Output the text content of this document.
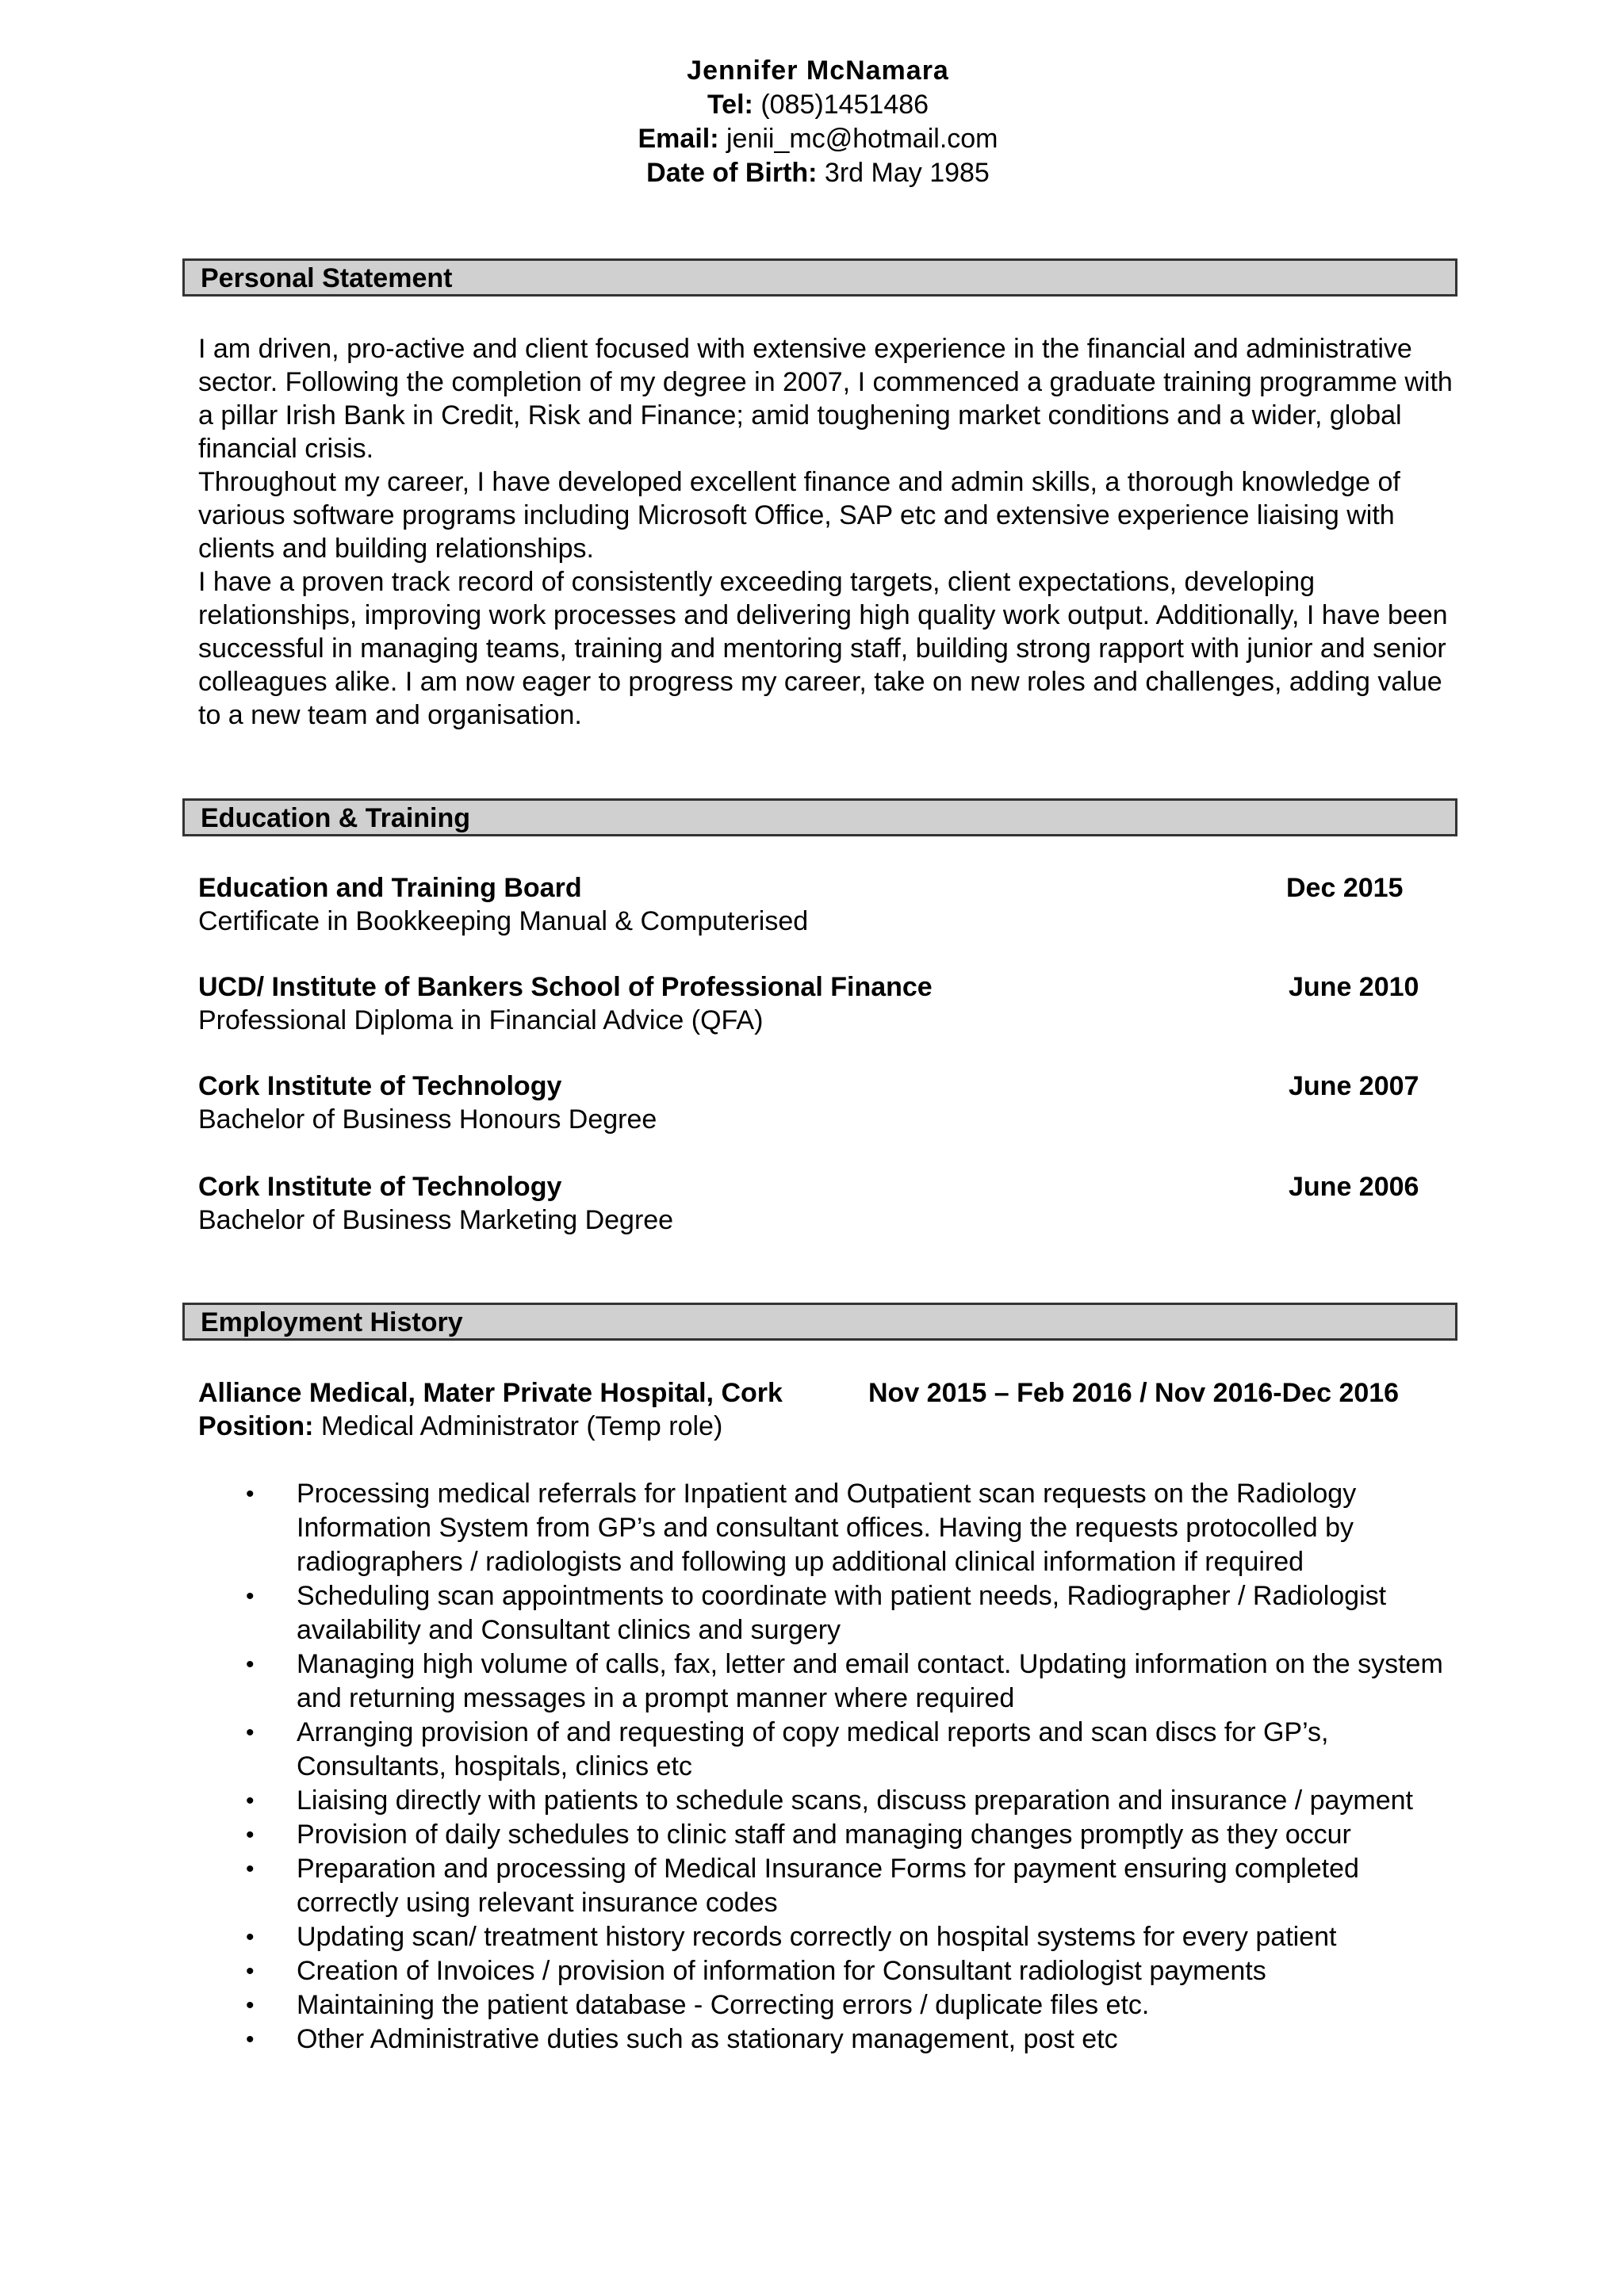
Jennifer McNamara
Tel: (085)1451486
Email: jenii_mc@hotmail.com
Date of Birth: 3rd May 1985
Personal Statement

I am driven, pro-active and client focused with extensive experience in the financial and administrative sector. Following the completion of my degree in 2007, I commenced a graduate training programme with a pillar Irish Bank in Credit, Risk and Finance; amid toughening market conditions and a wider, global financial crisis.

Throughout my career, I have developed excellent finance and admin skills, a thorough knowledge of various software programs including Microsoft Office, SAP etc and extensive experience liaising with clients and building relationships.

I have a proven track record of consistently exceeding targets, client expectations, developing relationships, improving work processes and delivering high quality work output. Additionally, I have been successful in managing teams, training and mentoring staff, building strong rapport with junior and senior colleagues alike. I am now eager to progress my career, take on new roles and challenges, adding value to a new team and organisation.

Education & Training
Education and Training Board	Dec 2015
Certificate in Bookkeeping Manual & Computerised
UCD/ Institute of Bankers School of Professional Finance	June 2010
Professional Diploma in Financial Advice (QFA)
Cork Institute of Technology	June 2007
Bachelor of Business Honours Degree
Cork Institute of Technology	June 2006
Bachelor of Business Marketing Degree
Employment History
Alliance Medical, Mater Private Hospital, Cork	Nov 2015 – Feb 2016 / Nov 2016-Dec 2016
Position: Medical Administrator (Temp role)
• Processing medical referrals for Inpatient and Outpatient scan requests on the Radiology Information System from GP’s and consultant offices. Having the requests protocolled by radiographers / radiologists and following up additional clinical information if required
• Scheduling scan appointments to coordinate with patient needs, Radiographer / Radiologist availability and Consultant clinics and surgery
• Managing high volume of calls, fax, letter and email contact. Updating information on the system and returning messages in a prompt manner where required
• Arranging provision of and requesting of copy medical reports and scan discs for GP’s, Consultants, hospitals, clinics etc
• Liaising directly with patients to schedule scans, discuss preparation and insurance / payment
• Provision of daily schedules to clinic staff and managing changes promptly as they occur
• Preparation and processing of Medical Insurance Forms for payment ensuring completed correctly using relevant insurance codes
• Updating scan/ treatment history records correctly on hospital systems for every patient
• Creation of Invoices / provision of information for Consultant radiologist payments
• Maintaining the patient database - Correcting errors / duplicate files etc.
• Other Administrative duties such as stationary management, post etc
